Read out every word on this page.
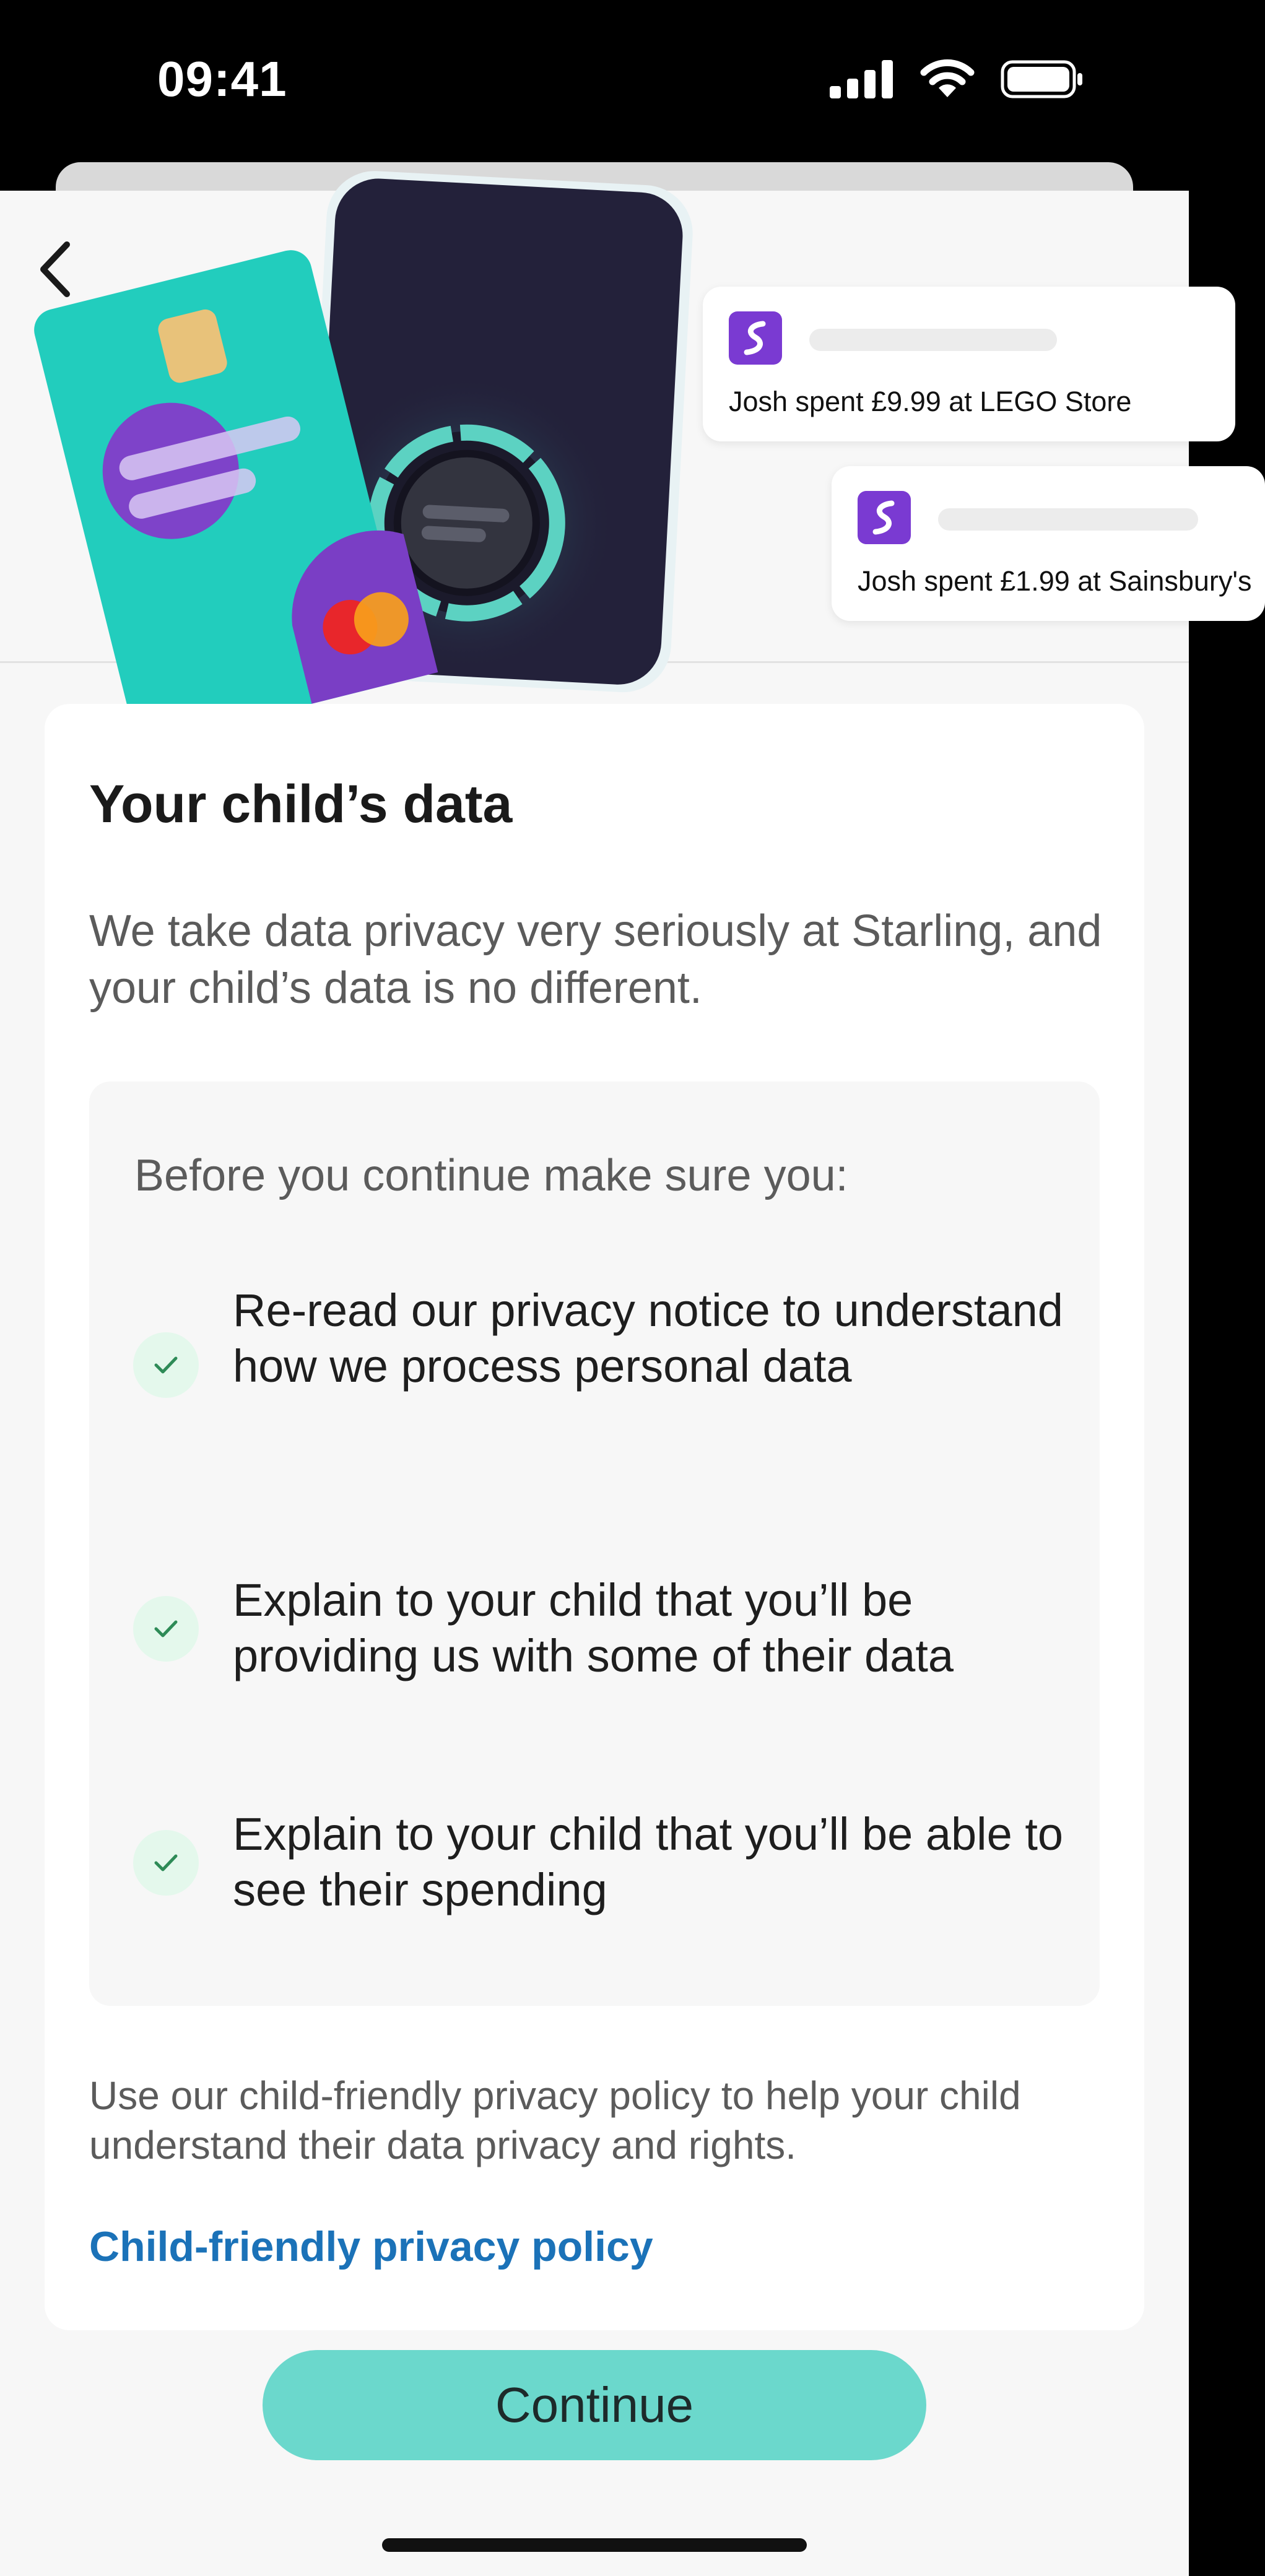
09:41
Josh spent £9.99 at LEGO Store
Josh spent £1.99 at Sainsbury's
Your child’s data
We take data privacy very seriously at Starling, and your child’s data is no different.
Before you continue make sure you:
Re-read our privacy notice to understand how we process personal data
Explain to your child that you’ll be providing us with some of their data
Explain to your child that you’ll be able to see their spending
Use our child-friendly privacy policy to help your child understand their data privacy and rights.
Child-friendly privacy policy
Continue
